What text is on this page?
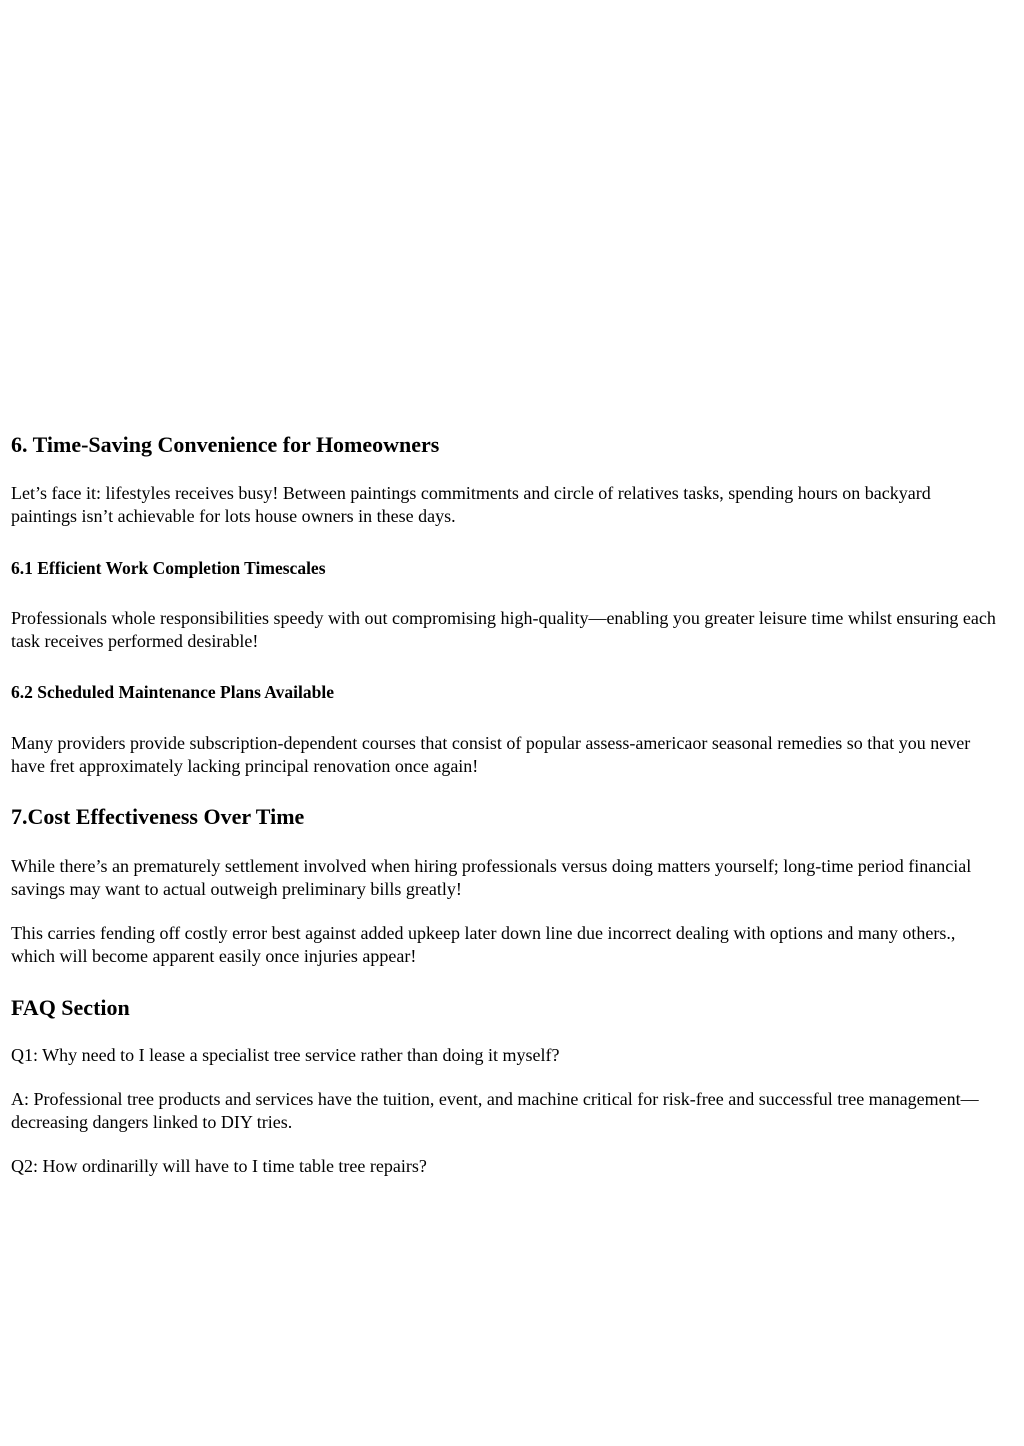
6. Time-Saving Convenience for Homeowners

Let’s face it: lifestyles receives busy! Between paintings commitments and circle of relatives tasks, spending hours on backyard paintings isn’t achievable for lots house owners in these days.

6.1 Efficient Work Completion Timescales

Professionals whole responsibilities speedy with out compromising high-quality—enabling you greater leisure time whilst ensuring each task receives performed desirable!

6.2 Scheduled Maintenance Plans Available

Many providers provide subscription-dependent courses that consist of popular assess-americaor seasonal remedies so that you never have fret approximately lacking principal renovation once again!

7.Cost Effectiveness Over Time

While there’s an prematurely settlement involved when hiring professionals versus doing matters yourself; long-time period financial savings may want to actual outweigh preliminary bills greatly!

This carries fending off costly error best against added upkeep later down line due incorrect dealing with options and many others., which will become apparent easily once injuries appear!

FAQ Section

Q1: Why need to I lease a specialist tree service rather than doing it myself?

A: Professional tree products and services have the tuition, event, and machine critical for risk-free and successful tree management—decreasing dangers linked to DIY tries.

Q2: How ordinarilly will have to I time table tree repairs?
